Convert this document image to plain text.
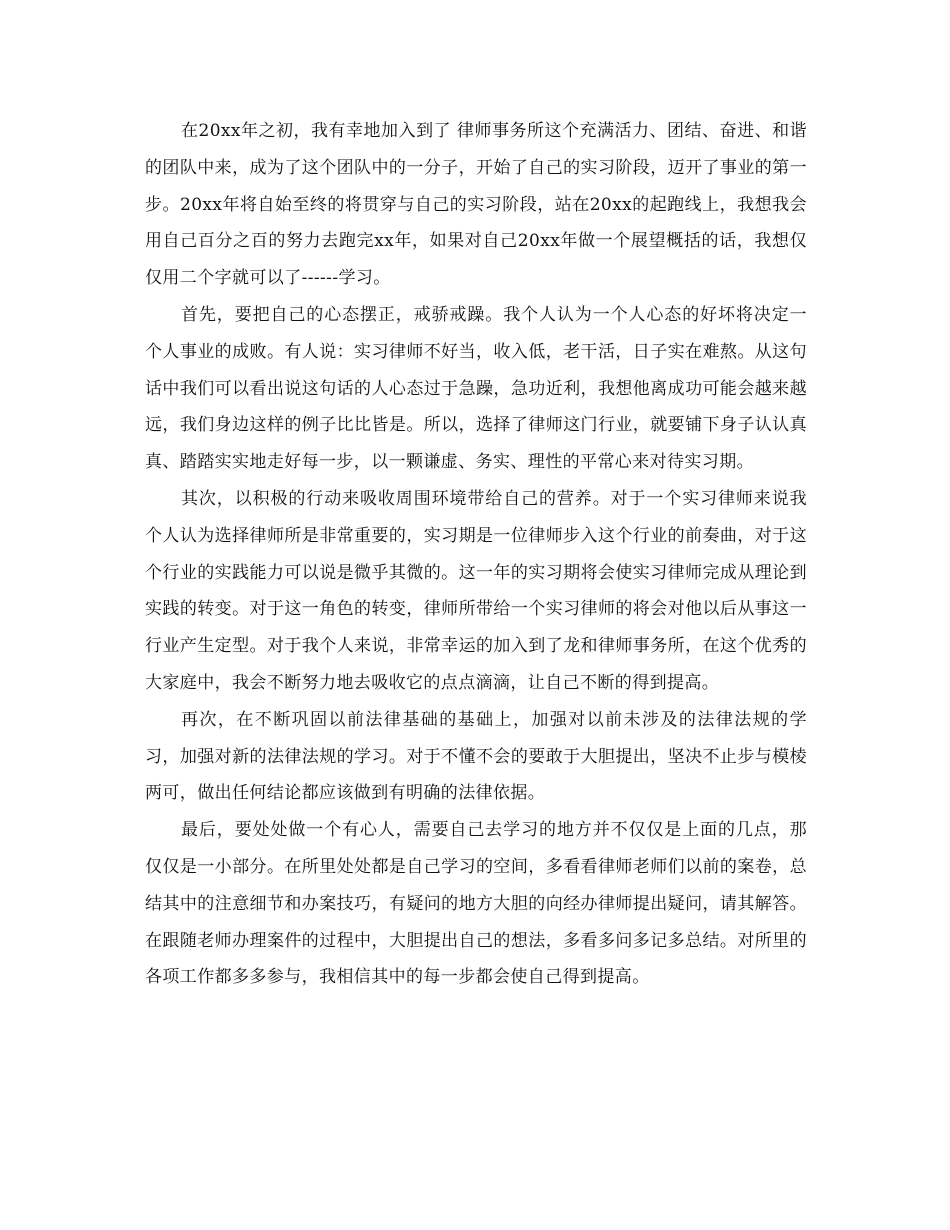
在20xx年之初，我有幸地加入到了 律师事务所这个充满活力、团结、奋进、和谐的团队中来，成为了这个团队中的一分子，开始了自己的实习阶段，迈开了事业的第一步。20xx年将自始至终的将贯穿与自己的实习阶段，站在20xx的起跑线上，我想我会用自己百分之百的努力去跑完xx年，如果对自己20xx年做一个展望概括的话，我想仅仅用二个字就可以了------学习。

首先，要把自己的心态摆正，戒骄戒躁。我个人认为一个人心态的好坏将决定一个人事业的成败。有人说：实习律师不好当，收入低，老干活，日子实在难熬。从这句话中我们可以看出说这句话的人心态过于急躁，急功近利，我想他离成功可能会越来越远，我们身边这样的例子比比皆是。所以，选择了律师这门行业，就要铺下身子认认真真、踏踏实实地走好每一步，以一颗谦虚、务实、理性的平常心来对待实习期。

其次，以积极的行动来吸收周围环境带给自己的营养。对于一个实习律师来说我个人认为选择律师所是非常重要的，实习期是一位律师步入这个行业的前奏曲，对于这个行业的实践能力可以说是微乎其微的。这一年的实习期将会使实习律师完成从理论到实践的转变。对于这一角色的转变，律师所带给一个实习律师的将会对他以后从事这一行业产生定型。对于我个人来说，非常幸运的加入到了龙和律师事务所，在这个优秀的大家庭中，我会不断努力地去吸收它的点点滴滴，让自己不断的得到提高。

再次，在不断巩固以前法律基础的基础上，加强对以前未涉及的法律法规的学习，加强对新的法律法规的学习。对于不懂不会的要敢于大胆提出，坚决不止步与模棱两可，做出任何结论都应该做到有明确的法律依据。

最后，要处处做一个有心人，需要自己去学习的地方并不仅仅是上面的几点，那仅仅是一小部分。在所里处处都是自己学习的空间，多看看律师老师们以前的案卷，总结其中的注意细节和办案技巧，有疑问的地方大胆的向经办律师提出疑问，请其解答。在跟随老师办理案件的过程中，大胆提出自己的想法，多看多问多记多总结。对所里的各项工作都多多参与，我相信其中的每一步都会使自己得到提高。
